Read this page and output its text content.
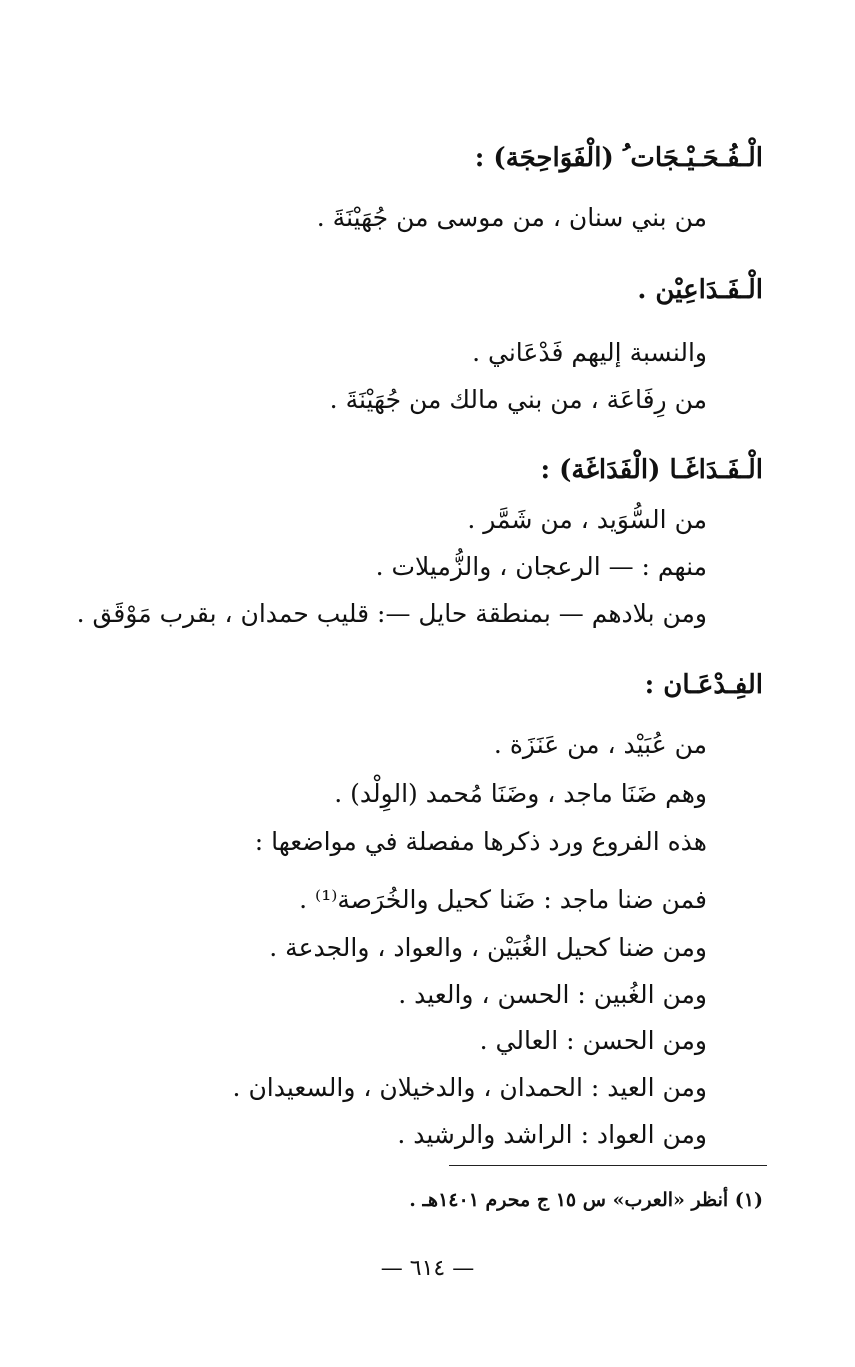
الْـفُـحَـيْـجَات ُ (الْفَوَاحِجَة) :
من بني سنان ، من موسى من جُهَيْنَةَ .
الْـفَـدَاعِيْن .
والنسبة إليهم فَدْعَاني .
من رِفَاعَة ، من بني مالك من جُهَيْنَةَ .
الْـفَـدَاغَـا (الْفَدَاغَة) :
من السُّوَيد ، من شَمَّر .
منهم : — الرعجان ، والزُّميلات .
ومن بلادهم — بمنطقة حايل —: قليب حمدان ، بقرب مَوْقَق .
الفِـدْعَـان :
من عُبَيْد ، من عَنَزَة .
وهم ضَنَا ماجد ، وضَنَا مُحمد (الوِلْد) .
هذه الفروع ورد ذكرها مفصلة في مواضعها :
فمن ضنا ماجد : ضَنا كحيل والخُرَصة⁽¹⁾ .
ومن ضنا كحيل الغُبَيْن ، والعواد ، والجدعة .
ومن الغُبين : الحسن ، والعيد .
ومن الحسن : العالي .
ومن العيد : الحمدان ، والدخيلان ، والسعيدان .
ومن العواد : الراشد والرشيد .
(١) أنظر «العرب» س ١٥ ج محرم ١٤٠١هـ .
— ٦١٤ —
